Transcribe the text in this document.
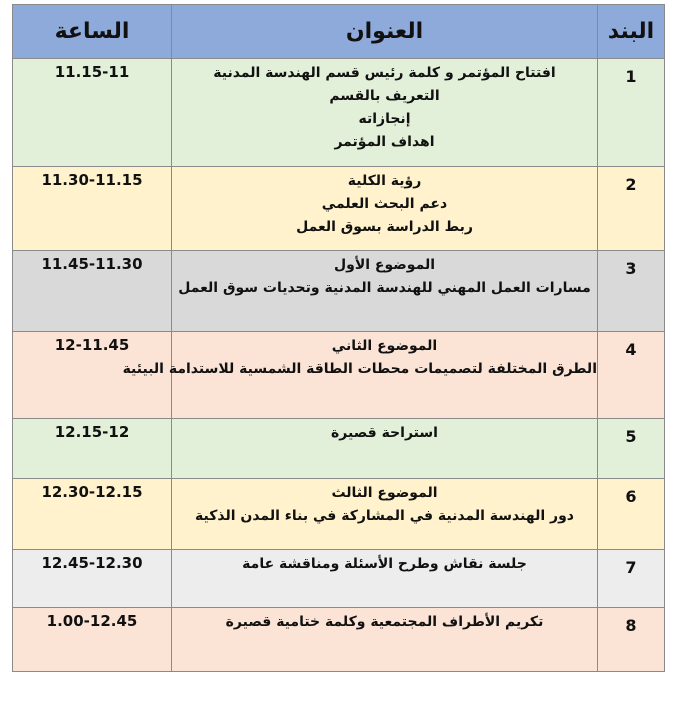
البند	العنوان	الساعة
1	افتتاح المؤتمر و كلمة رئيس قسم الهندسة المدنية
التعريف بالقسم
إنجازاته
اهداف المؤتمر	11.15-11
2	رؤية الكلية
دعم البحث العلمي
ربط الدراسة بسوق العمل	11.30-11.15
3	الموضوع الأول
مسارات العمل المهني للهندسة المدنية وتحديات سوق العمل	11.45-11.30
4	الموضوع الثاني
الطرق المختلفة لتصميمات محطات الطاقة الشمسية للاستدامة البيئية	12-11.45
5	استراحة قصيرة	12.15-12
6	الموضوع الثالث
دور الهندسة المدنية في المشاركة في بناء المدن الذكية	12.30-12.15
7	جلسة نقاش وطرح الأسئلة ومناقشة عامة	12.45-12.30
8	تكريم الأطراف المجتمعية وكلمة ختامية قصيرة	1.00-12.45
